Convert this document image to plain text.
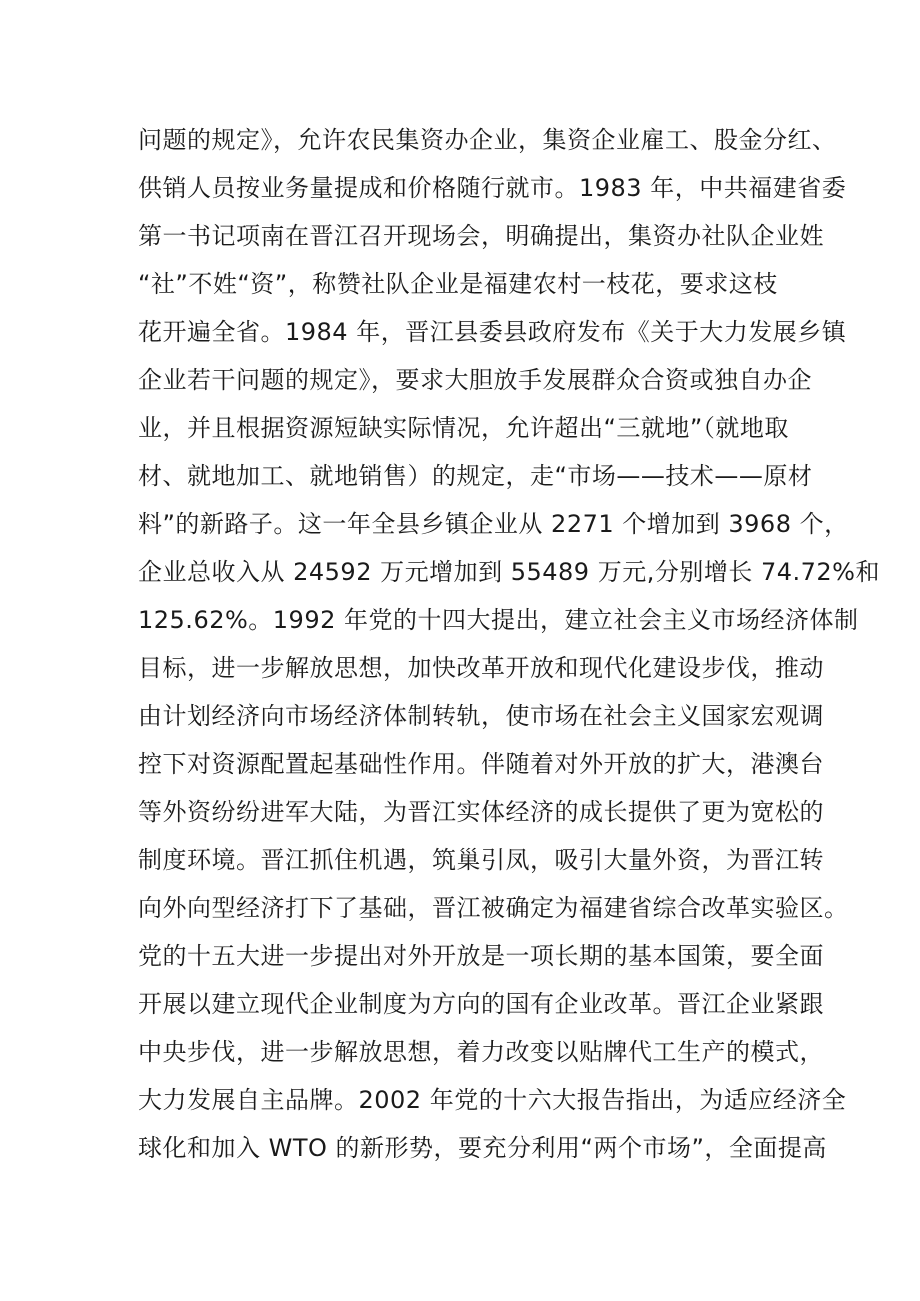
问题的规定》，允许农民集资办企业，集资企业雇工、股金分红、
供销人员按业务量提成和价格随行就市。1983 年，中共福建省委
第一书记项南在晋江召开现场会，明确提出，集资办社队企业姓
“社”不姓“资”，称赞社队企业是福建农村一枝花，要求这枝
花开遍全省。1984 年，晋江县委县政府发布《关于大力发展乡镇
企业若干问题的规定》，要求大胆放手发展群众合资或独自办企
业，并且根据资源短缺实际情况，允许超出“三就地”（就地取
材、就地加工、就地销售）的规定，走“市场——技术——原材
料”的新路子。这一年全县乡镇企业从 2271 个增加到 3968 个，
企业总收入从 24592 万元增加到 55489 万元,分别增长 74.72%和
125.62%。1992 年党的十四大提出，建立社会主义市场经济体制
目标，进一步解放思想，加快改革开放和现代化建设步伐，推动
由计划经济向市场经济体制转轨，使市场在社会主义国家宏观调
控下对资源配置起基础性作用。伴随着对外开放的扩大，港澳台
等外资纷纷进军大陆，为晋江实体经济的成长提供了更为宽松的
制度环境。晋江抓住机遇，筑巢引凤，吸引大量外资，为晋江转
向外向型经济打下了基础，晋江被确定为福建省综合改革实验区。
党的十五大进一步提出对外开放是一项长期的基本国策，要全面
开展以建立现代企业制度为方向的国有企业改革。晋江企业紧跟
中央步伐，进一步解放思想，着力改变以贴牌代工生产的模式，
大力发展自主品牌。2002 年党的十六大报告指出，为适应经济全
球化和加入 WTO 的新形势，要充分利用“两个市场”，全面提高
